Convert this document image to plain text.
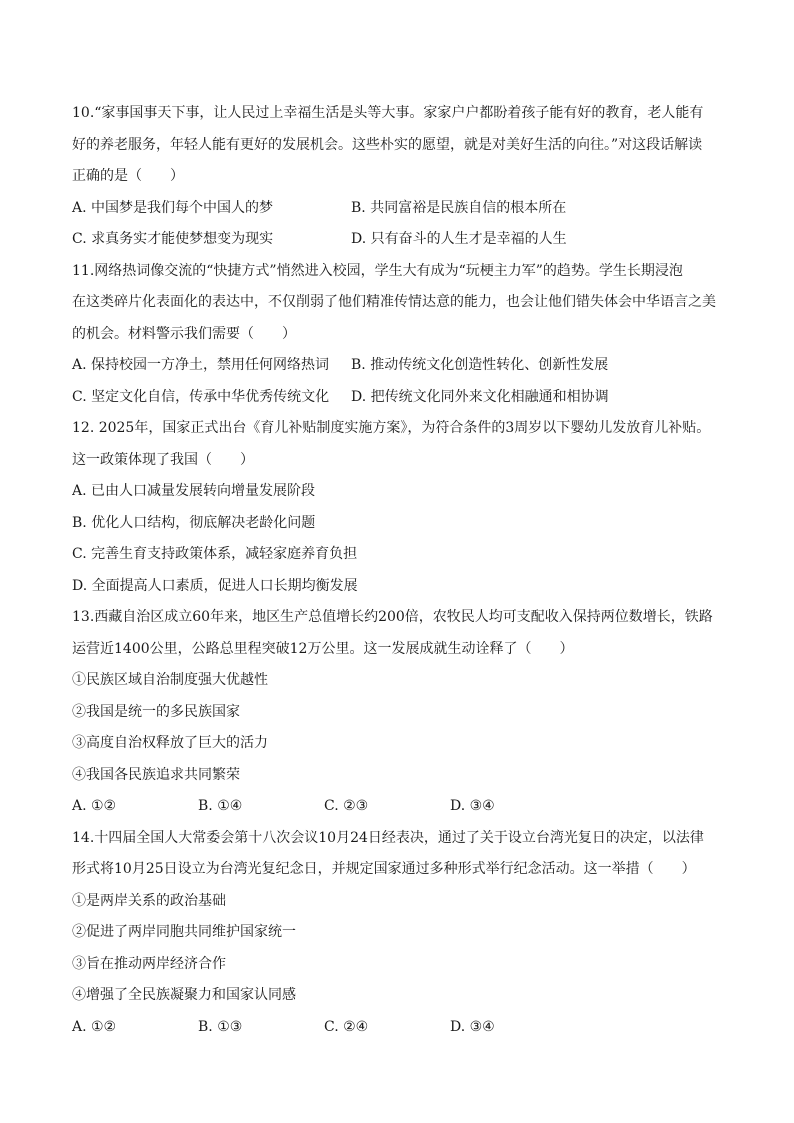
10.“家事国事天下事，让人民过上幸福生活是头等大事。家家户户都盼着孩子能有好的教育，老人能有
好的养老服务，年轻人能有更好的发展机会。这些朴实的愿望，就是对美好生活的向往。”对这段话解读
正确的是（　　）
A. 中国梦是我们每个中国人的梦	B. 共同富裕是民族自信的根本所在
C. 求真务实才能使梦想变为现实	D. 只有奋斗的人生才是幸福的人生
11.网络热词像交流的“快捷方式”悄然进入校园，学生大有成为“玩梗主力军”的趋势。学生长期浸泡
在这类碎片化表面化的表达中，不仅削弱了他们精准传情达意的能力，也会让他们错失体会中华语言之美
的机会。材料警示我们需要（　　）
A. 保持校园一方净土，禁用任何网络热词	B. 推动传统文化创造性转化、创新性发展
C. 坚定文化自信，传承中华优秀传统文化	D. 把传统文化同外来文化相融通和相协调
12. 2025年，国家正式出台《育儿补贴制度实施方案》，为符合条件的3周岁以下婴幼儿发放育儿补贴。
这一政策体现了我国（　　）
A. 已由人口减量发展转向增量发展阶段
B. 优化人口结构，彻底解决老龄化问题
C. 完善生育支持政策体系，减轻家庭养育负担
D. 全面提高人口素质，促进人口长期均衡发展
13.西藏自治区成立60年来，地区生产总值增长约200倍，农牧民人均可支配收入保持两位数增长，铁路
运营近1400公里，公路总里程突破12万公里。这一发展成就生动诠释了（　　）
①民族区域自治制度强大优越性
②我国是统一的多民族国家
③高度自治权释放了巨大的活力
④我国各民族追求共同繁荣
A. ①②	B. ①④	C. ②③	D. ③④
14.十四届全国人大常委会第十八次会议10月24日经表决，通过了关于设立台湾光复日的决定，以法律
形式将10月25日设立为台湾光复纪念日，并规定国家通过多种形式举行纪念活动。这一举措（　　）
①是两岸关系的政治基础
②促进了两岸同胞共同维护国家统一
③旨在推动两岸经济合作
④增强了全民族凝聚力和国家认同感
A. ①②	B. ①③	C. ②④	D. ③④
